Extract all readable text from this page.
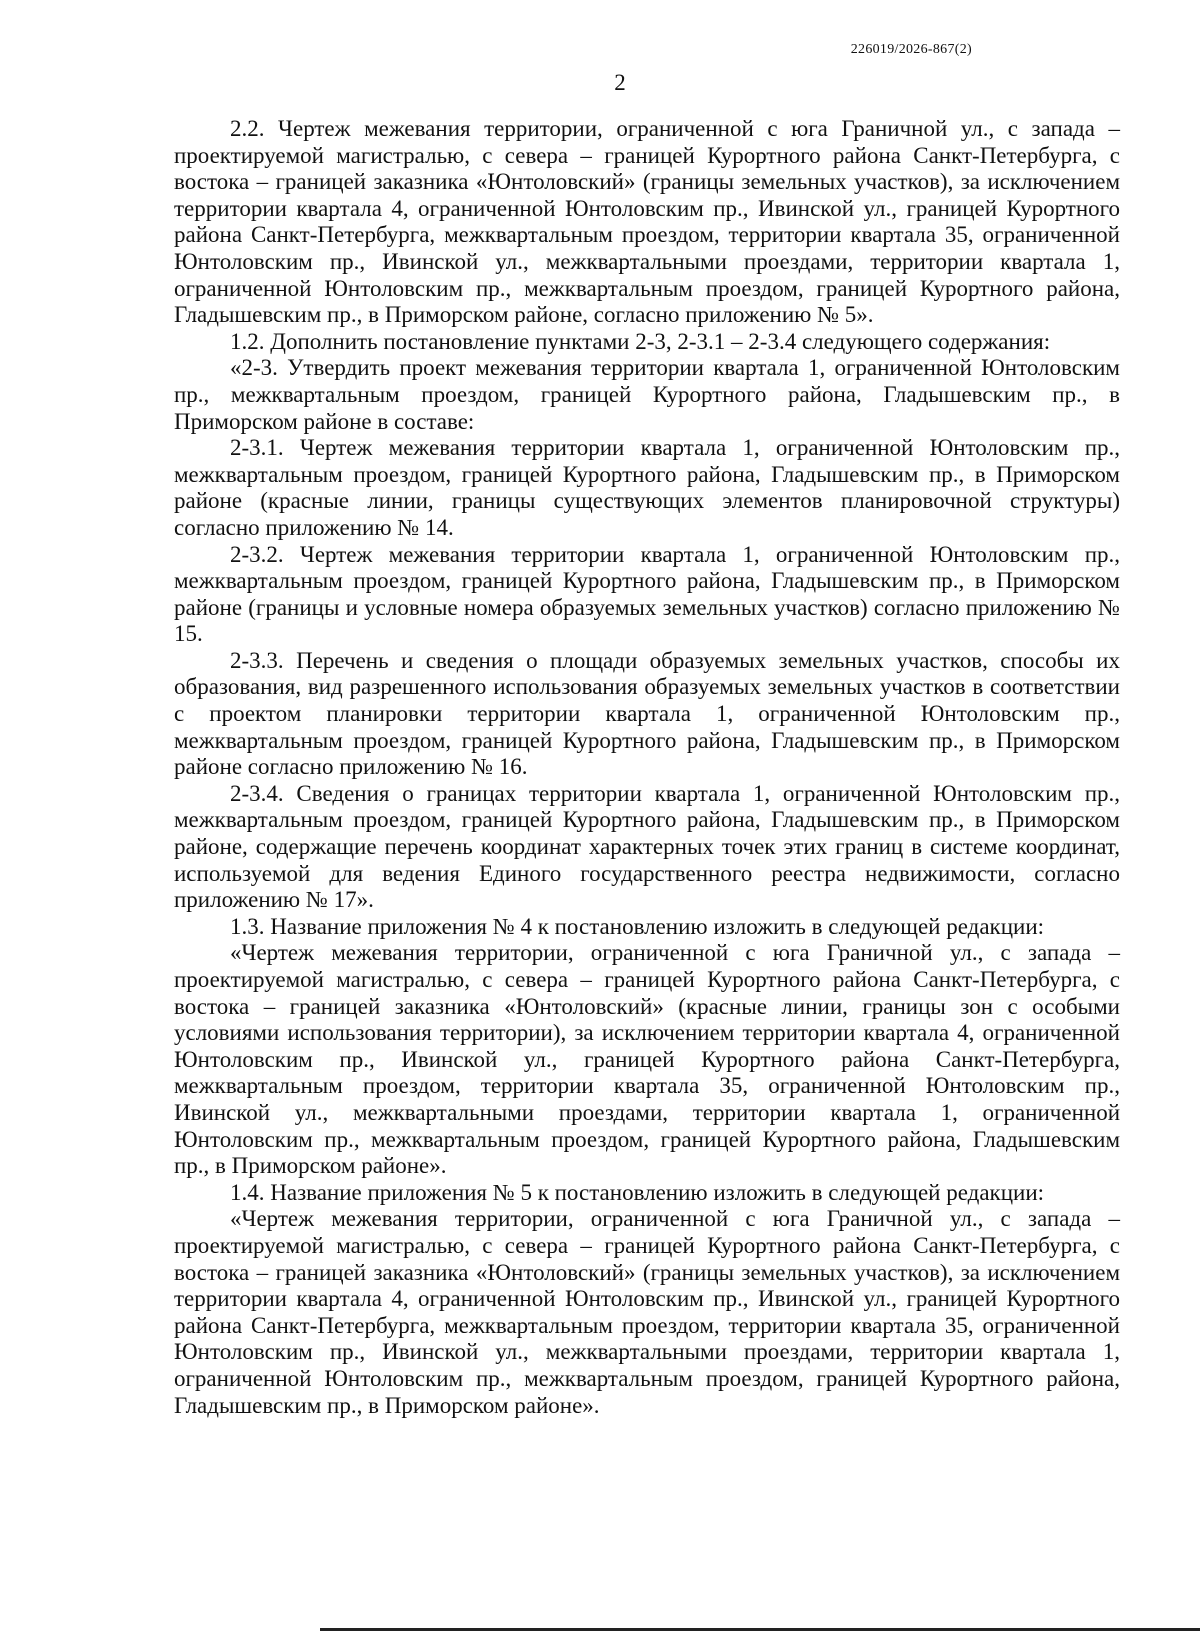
226019/2026-867(2)
2

2.2. Чертеж межевания территории, ограниченной с юга Граничной ул., с запада – проектируемой магистралью, с севера – границей Курортного района Санкт-Петербурга, с востока – границей заказника «Юнтоловский» (границы земельных участков), за исключением территории квартала 4, ограниченной Юнтоловским пр., Ивинской ул., границей Курортного района Санкт-Петербурга, межквартальным проездом, территории квартала 35, ограниченной Юнтоловским пр., Ивинской ул., межквартальными проездами, территории квартала 1, ограниченной Юнтоловским пр., межквартальным проездом, границей Курортного района, Гладышевским пр., в Приморском районе, согласно приложению № 5».

1.2. Дополнить постановление пунктами 2-3, 2-3.1 – 2-3.4 следующего содержания:

«2-3. Утвердить проект межевания территории квартала 1, ограниченной Юнтоловским пр., межквартальным проездом, границей Курортного района, Гладышевским пр., в Приморском районе в составе:

2-3.1. Чертеж межевания территории квартала 1, ограниченной Юнтоловским пр., межквартальным проездом, границей Курортного района, Гладышевским пр., в Приморском районе (красные линии, границы существующих элементов планировочной структуры) согласно приложению № 14.

2-3.2. Чертеж межевания территории квартала 1, ограниченной Юнтоловским пр., межквартальным проездом, границей Курортного района, Гладышевским пр., в Приморском районе (границы и условные номера образуемых земельных участков) согласно приложению № 15.

2-3.3. Перечень и сведения о площади образуемых земельных участков, способы их образования, вид разрешенного использования образуемых земельных участков в соответствии с проектом планировки территории квартала 1, ограниченной Юнтоловским пр., межквартальным проездом, границей Курортного района, Гладышевским пр., в Приморском районе согласно приложению № 16.

2-3.4. Сведения о границах территории квартала 1, ограниченной Юнтоловским пр., межквартальным проездом, границей Курортного района, Гладышевским пр., в Приморском районе, содержащие перечень координат характерных точек этих границ в системе координат, используемой для ведения Единого государственного реестра недвижимости, согласно приложению № 17».

1.3. Название приложения № 4 к постановлению изложить в следующей редакции:

«Чертеж межевания территории, ограниченной с юга Граничной ул., с запада – проектируемой магистралью, с севера – границей Курортного района Санкт-Петербурга, с востока – границей заказника «Юнтоловский» (красные линии, границы зон с особыми условиями использования территории), за исключением территории квартала 4, ограниченной Юнтоловским пр., Ивинской ул., границей Курортного района Санкт-Петербурга, межквартальным проездом, территории квартала 35, ограниченной Юнтоловским пр., Ивинской ул., межквартальными проездами, территории квартала 1, ограниченной Юнтоловским пр., межквартальным проездом, границей Курортного района, Гладышевским пр., в Приморском районе».

1.4. Название приложения № 5 к постановлению изложить в следующей редакции:

«Чертеж межевания территории, ограниченной с юга Граничной ул., с запада – проектируемой магистралью, с севера – границей Курортного района Санкт-Петербурга, с востока – границей заказника «Юнтоловский» (границы земельных участков), за исключением территории квартала 4, ограниченной Юнтоловским пр., Ивинской ул., границей Курортного района Санкт-Петербурга, межквартальным проездом, территории квартала 35, ограниченной Юнтоловским пр., Ивинской ул., межквартальными проездами, территории квартала 1, ограниченной Юнтоловским пр., межквартальным проездом, границей Курортного района, Гладышевским пр., в Приморском районе».
